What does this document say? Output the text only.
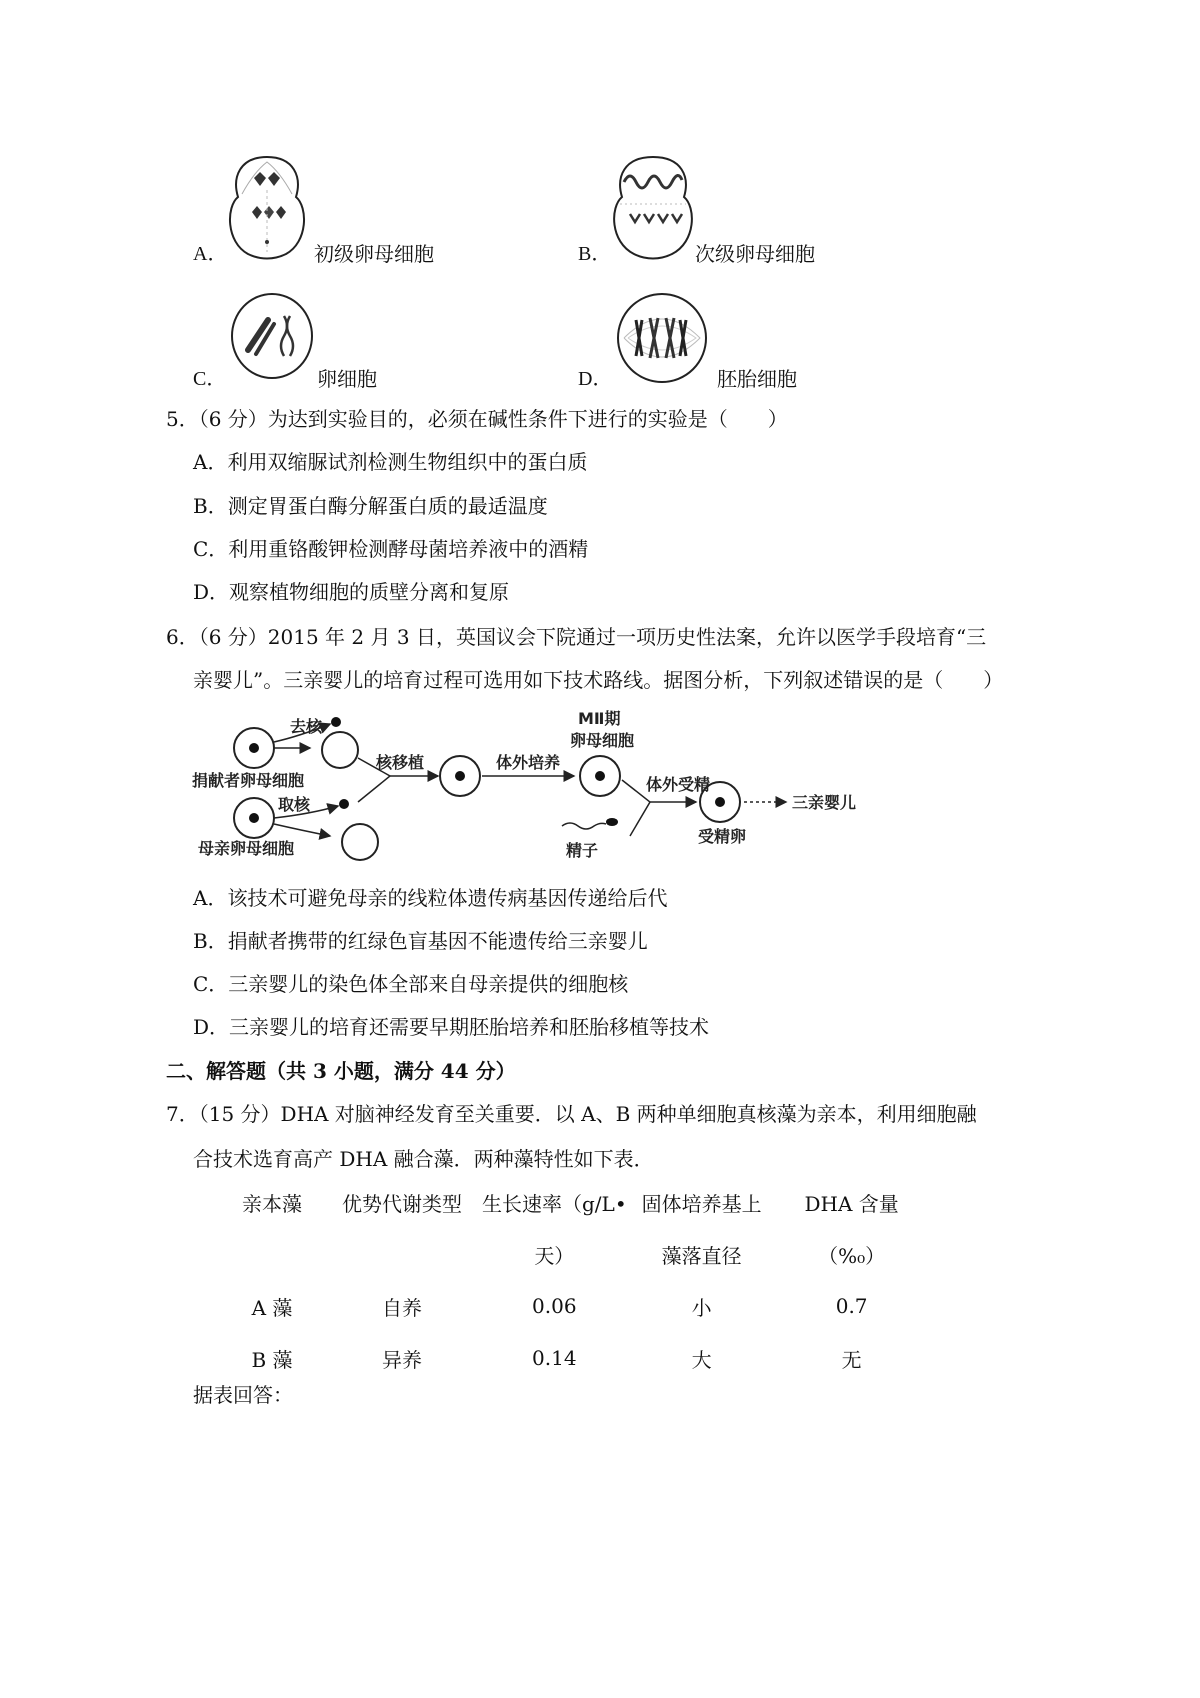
A．	初级卵母细胞	B．	次级卵母细胞
C．	卵细胞	D．	胚胎细胞
5．（6 分）为达到实验目的，必须在碱性条件下进行的实验是（　　）
A．利用双缩脲试剂检测生物组织中的蛋白质
B．测定胃蛋白酶分解蛋白质的最适温度
C．利用重铬酸钾检测酵母菌培养液中的酒精
D．观察植物细胞的质壁分离和复原
6．（6 分）2015 年 2 月 3 日，英国议会下院通过一项历史性法案，允许以医学手段培育“三
亲婴儿”。三亲婴儿的培育过程可选用如下技术路线。据图分析，下列叙述错误的是（　　）
去核
捐献者卵母细胞
取核
母亲卵母细胞
核移植	体外培养
MⅡ期
卵母细胞
体外受精
精子
受精卵
三亲婴儿
A．该技术可避免母亲的线粒体遗传病基因传递给后代
B．捐献者携带的红绿色盲基因不能遗传给三亲婴儿
C．三亲婴儿的染色体全部来自母亲提供的细胞核
D．三亲婴儿的培育还需要早期胚胎培养和胚胎移植等技术
二、解答题（共 3 小题，满分 44 分）
7．（15 分）DHA 对脑神经发育至关重要．以 A、B 两种单细胞真核藻为亲本，利用细胞融
合技术选育高产 DHA 融合藻．两种藻特性如下表．
亲本藻	优势代谢类型	生长速率（g/L•	固体培养基上	DHA 含量
		天）	藻落直径	（%₀）
A 藻	自养	0.06	小	0.7
B 藻	异养	0.14	大	无
据表回答：
